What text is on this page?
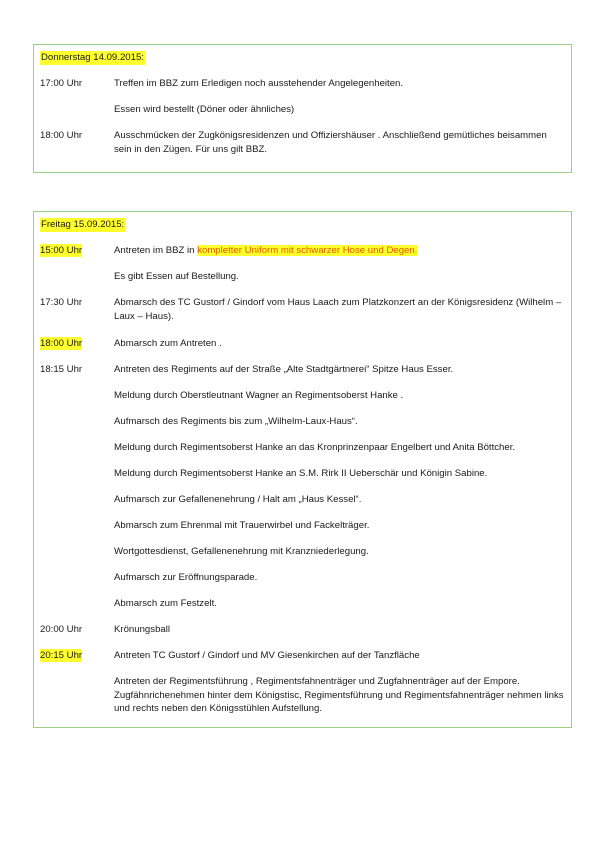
Donnerstag 14.09.2015:
17:00 Uhr	Treffen im BBZ zum Erledigen noch ausstehender Angelegenheiten.
Essen wird bestellt (Döner oder ähnliches)
18:00 Uhr	Ausschmücken der Zugkönigsresidenzen und Offiziershäuser . Anschließend gemütliches beisammen sein in den Zügen. Für uns gilt BBZ.
Freitag 15.09.2015:
15:00 Uhr	Antreten im BBZ in kompletter Uniform mit schwarzer Hose und Degen.
Es gibt Essen auf Bestellung.
17:30 Uhr	Abmarsch des TC Gustorf / Gindorf vom Haus Laach zum Platzkonzert an der Königsresidenz (Wilhelm – Laux – Haus).
18:00 Uhr	Abmarsch zum Antreten .
18:15 Uhr	Antreten des Regiments auf der Straße „Alte Stadtgärtnerei“ Spitze Haus Esser.
Meldung durch Oberstleutnant Wagner an Regimentsoberst Hanke .
Aufmarsch des Regiments bis zum „Wilhelm-Laux-Haus“.
Meldung durch Regimentsoberst Hanke an das Kronprinzenpaar Engelbert und Anita Böttcher.
Meldung durch Regimentsoberst Hanke an S.M. Rirk II Ueberschär und Königin Sabine.
Aufmarsch zur Gefallenenehrung / Halt am „Haus Kessel“.
Abmarsch zum Ehrenmal mit Trauerwirbel und Fackelträger.
Wortgottesdienst, Gefallenenehrung mit Kranzniederlegung.
Aufmarsch zur Eröffnungsparade.
Abmarsch zum Festzelt.
20:00 Uhr	Krönungsball
20:15 Uhr	Antreten TC Gustorf / Gindorf und MV Giesenkirchen auf der Tanzfläche
Antreten der Regimentsführung , Regimentsfahnenträger und Zugfahnenträger auf der Empore. Zugfähnrichenehmen hinter dem Königstisc, Regimentsführung und Regimentsfahnenträger nehmen links und rechts neben den Königsstühlen Aufstellung.
